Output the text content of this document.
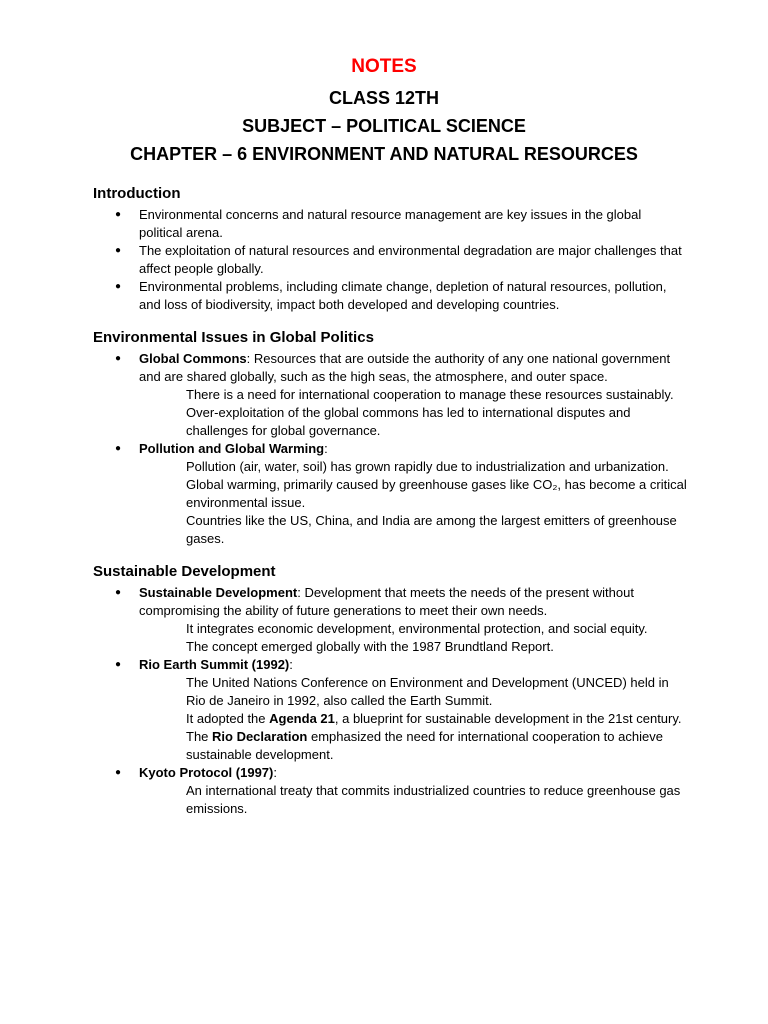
NOTES
CLASS 12TH
SUBJECT – POLITICAL SCIENCE
CHAPTER – 6 ENVIRONMENT AND NATURAL RESOURCES
Introduction
● Environmental concerns and natural resource management are key issues in the global political arena.
● The exploitation of natural resources and environmental degradation are major challenges that affect people globally.
● Environmental problems, including climate change, depletion of natural resources, pollution, and loss of biodiversity, impact both developed and developing countries.
Environmental Issues in Global Politics
● Global Commons: Resources that are outside the authority of any one national government and are shared globally, such as the high seas, the atmosphere, and outer space.
There is a need for international cooperation to manage these resources sustainably.
Over-exploitation of the global commons has led to international disputes and challenges for global governance.
● Pollution and Global Warming:
Pollution (air, water, soil) has grown rapidly due to industrialization and urbanization.
Global warming, primarily caused by greenhouse gases like CO₂, has become a critical environmental issue.
Countries like the US, China, and India are among the largest emitters of greenhouse gases.
Sustainable Development
● Sustainable Development: Development that meets the needs of the present without compromising the ability of future generations to meet their own needs.
It integrates economic development, environmental protection, and social equity.
The concept emerged globally with the 1987 Brundtland Report.
● Rio Earth Summit (1992):
The United Nations Conference on Environment and Development (UNCED) held in Rio de Janeiro in 1992, also called the Earth Summit.
It adopted the Agenda 21, a blueprint for sustainable development in the 21st century.
The Rio Declaration emphasized the need for international cooperation to achieve sustainable development.
● Kyoto Protocol (1997):
An international treaty that commits industrialized countries to reduce greenhouse gas emissions.
